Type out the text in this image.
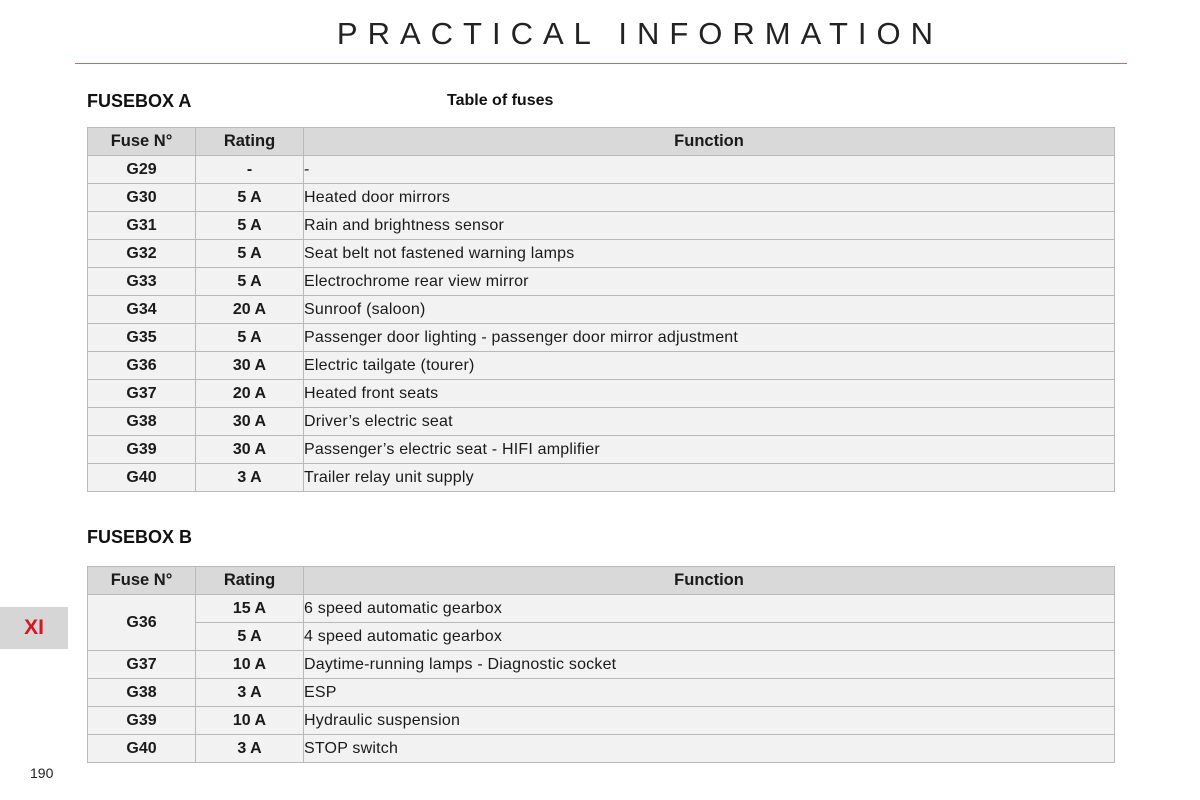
PRACTICAL INFORMATION
FUSEBOX A	Table of fuses
Fuse N°	Rating	Function
G29	-	-
G30	5 A	Heated door mirrors
G31	5 A	Rain and brightness sensor
G32	5 A	Seat belt not fastened warning lamps
G33	5 A	Electrochrome rear view mirror
G34	20 A	Sunroof (saloon)
G35	5 A	Passenger door lighting - passenger door mirror adjustment
G36	30 A	Electric tailgate (tourer)
G37	20 A	Heated front seats
G38	30 A	Driver’s electric seat
G39	30 A	Passenger’s electric seat - HIFI amplifier
G40	3 A	Trailer relay unit supply
FUSEBOX B
Fuse N°	Rating	Function
G36	15 A	6 speed automatic gearbox
	5 A	4 speed automatic gearbox
G37	10 A	Daytime-running lamps - Diagnostic socket
G38	3 A	ESP
G39	10 A	Hydraulic suspension
G40	3 A	STOP switch
XI
190
